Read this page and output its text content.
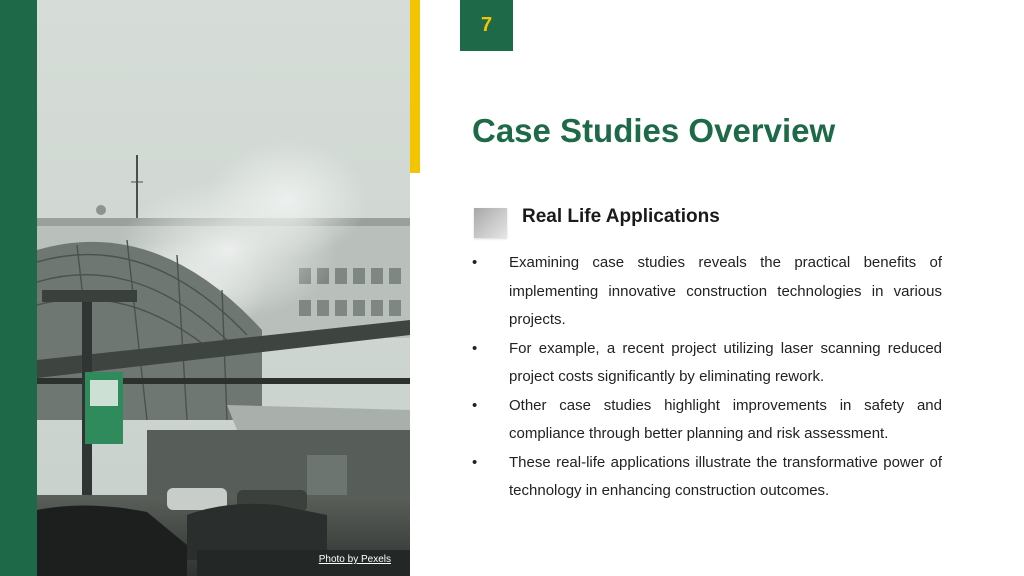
Photo by Pexels
7
Case Studies Overview
Real Life Applications
• Examining case studies reveals the practical benefits of implementing innovative construction technologies in various projects.
• For example, a recent project utilizing laser scanning reduced project costs significantly by eliminating rework.
• Other case studies highlight improvements in safety and compliance through better planning and risk assessment.
• These real-life applications illustrate the transformative power of technology in enhancing construction outcomes.
